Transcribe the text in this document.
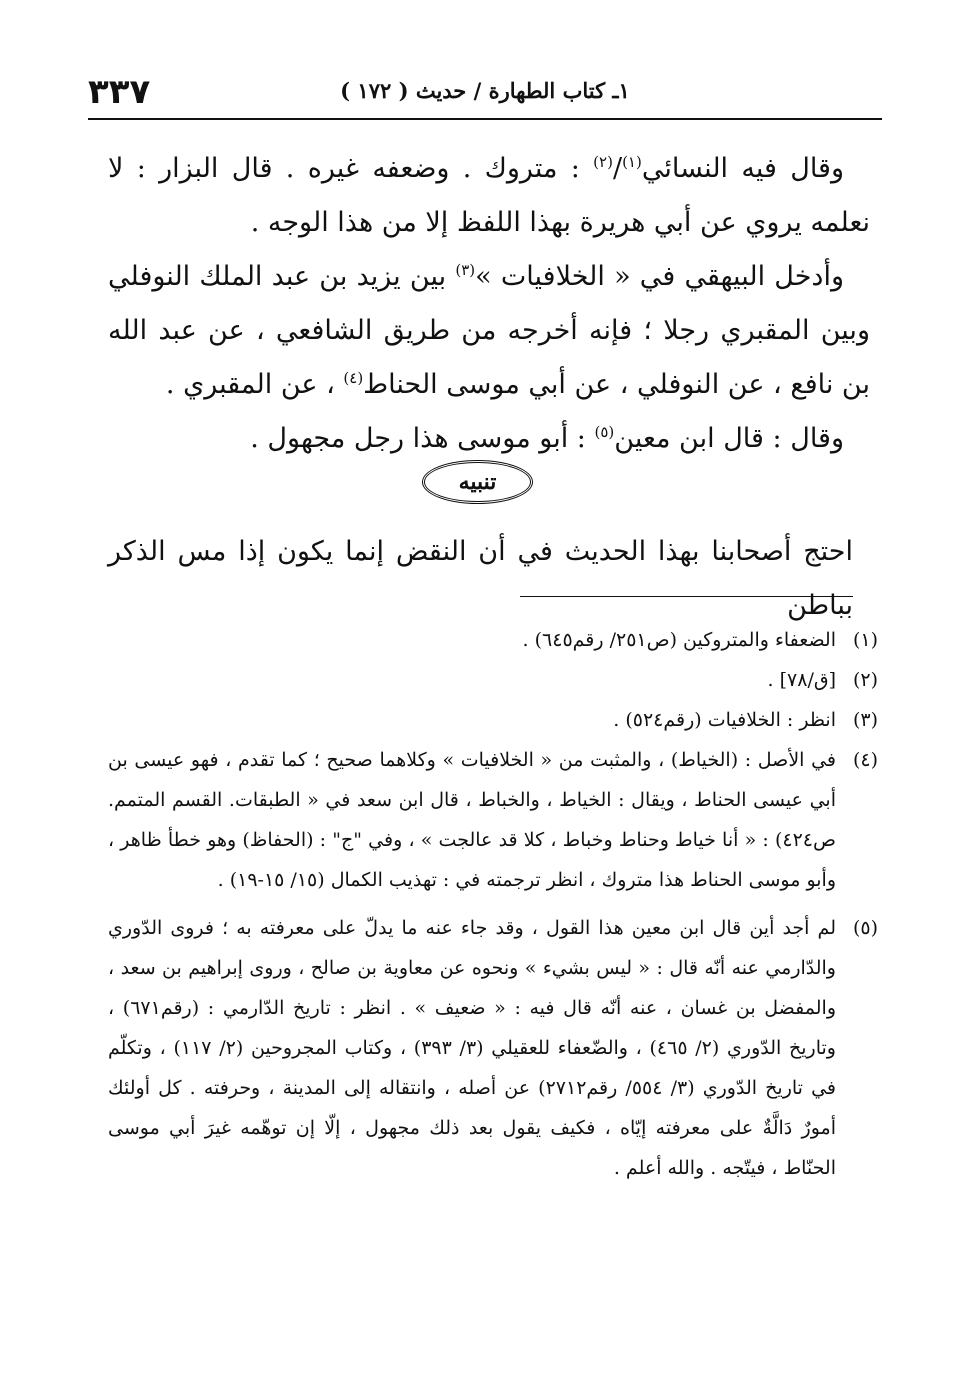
١ـ كتاب الطهارة / حديث ( ١٧٢ )
٣٣٧

وقال فيه النسائي$^{(١)}$/$^{(٢)}$ : متروك . وضعفه غيره . قال البزار : لا نعلمه يروي عن أبي هريرة بهذا اللفظ إلا من هذا الوجه .

وأدخل البيهقي في « الخلافيات »$^{(٣)}$ بين يزيد بن عبد الملك النوفلي وبين المقبري رجلا ؛ فإنه أخرجه من طريق الشافعي ، عن عبد الله بن نافع ، عن النوفلي ، عن أبي موسى الحناط$^{(٤)}$ ، عن المقبري .

وقال : قال ابن معين$^{(٥)}$ : أبو موسى هذا رجل مجهول .

تنبيه

احتج أصحابنا بهذا الحديث في أن النقض إنما يكون إذا مس الذكر بباطن

(١)
الضعفاء والمتروكين (ص٢٥١/ رقم٦٤٥) .
(٢)
[ق/٧٨] .
(٣)
انظر : الخلافيات (رقم٥٢٤) .
(٤)
في الأصل : (الخياط) ، والمثبت من « الخلافيات » وكلاهما صحيح ؛ كما تقدم ، فهو عيسى بن أبي عيسى الحناط ، ويقال : الخياط ، والخباط ، قال ابن سعد في « الطبقات. القسم المتمم. ص٤٢٤) : « أنا خياط وحناط وخباط ، كلا قد عالجت » ، وفي "ج" : (الحفاظ) وهو خطأ ظاهر ، وأبو موسى الحناط هذا متروك ، انظر ترجمته في : تهذيب الكمال (١٥/ ١٥-١٩) .
(٥)
لم أجد أين قال ابن معين هذا القول ، وقد جاء عنه ما يدلّ على معرفته به ؛ فروى الدّوري والدّارمي عنه أنّه قال : « ليس بشيء » ونحوه عن معاوية بن صالح ، وروى إبراهيم بن سعد ، والمفضل بن غسان ، عنه أنّه قال فيه : « ضعيف » . انظر : تاريخ الدّارمي : (رقم٦٧١) ، وتاريخ الدّوري (٢/ ٤٦٥) ، والضّعفاء للعقيلي (٣/ ٣٩٣) ، وكتاب المجروحين (٢/ ١١٧) ، وتكلّم في تاريخ الدّوري (٣/ ٥٥٤/ رقم٢٧١٢) عن أصله ، وانتقاله إلى المدينة ، وحرفته . كل أولئك أمورٌ دَالَّةٌ على معرفته إيّاه ، فكيف يقول بعد ذلك مجهول ، إلّا إن توهّمه غيرَ أبي موسى الحنّاط ، فيتّجه . والله أعلم .
